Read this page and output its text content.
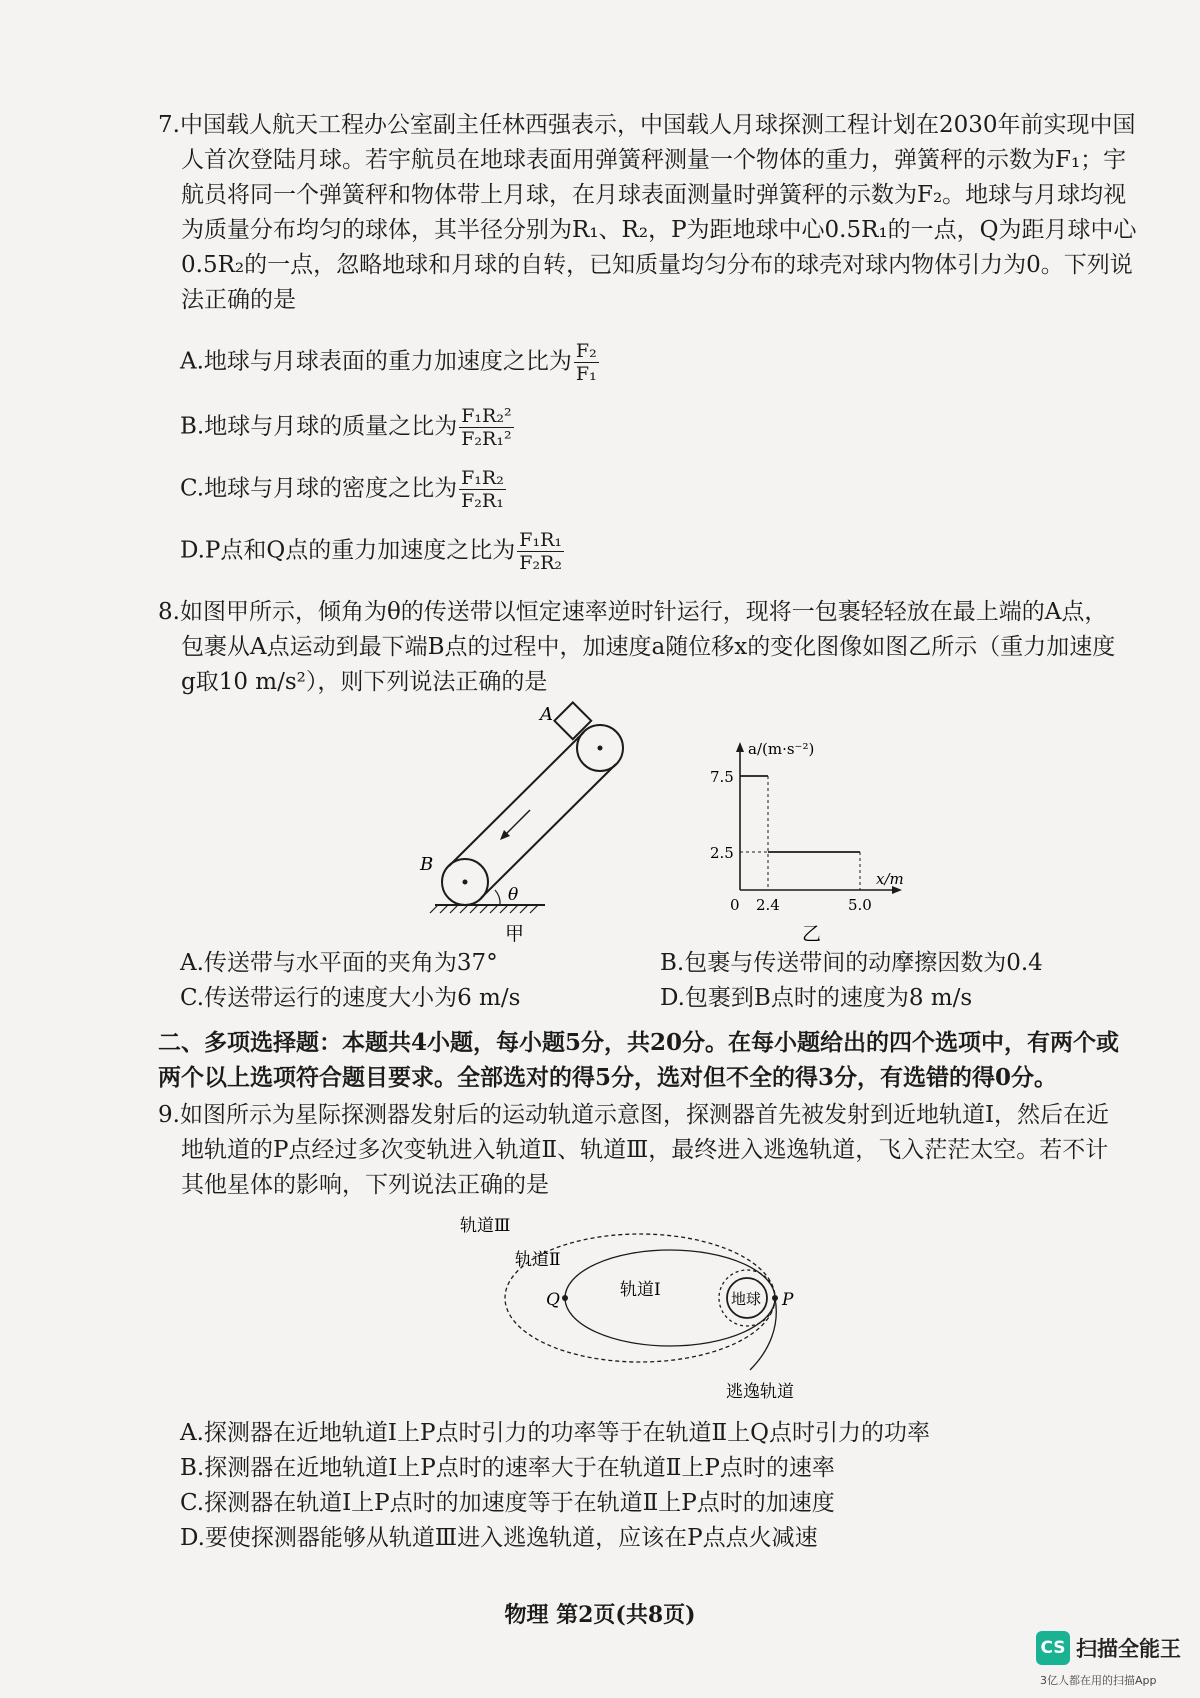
7.中国载人航天工程办公室副主任林西强表示，中国载人月球探测工程计划在2030年前实现中国
人首次登陆月球。若宇航员在地球表面用弹簧秤测量一个物体的重力，弹簧秤的示数为F₁；宇
航员将同一个弹簧秤和物体带上月球，在月球表面测量时弹簧秤的示数为F₂。地球与月球均视
为质量分布均匀的球体，其半径分别为R₁、R₂，P为距地球中心0.5R₁的一点，Q为距月球中心
0.5R₂的一点，忽略地球和月球的自转，已知质量均匀分布的球壳对球内物体引力为0。下列说
法正确的是
A.地球与月球表面的重力加速度之比为 $\frac{\text{F₂}}{\text{F₁}}$
B.地球与月球的质量之比为 $\frac{\text{F₁R₂²}}{\text{F₂R₁²}}$
C.地球与月球的密度之比为 $\frac{\text{F₁R₂}}{\text{F₂R₁}}$
D.P点和Q点的重力加速度之比为 $\frac{\text{F₁R₁}}{\text{F₂R₂}}$
8.如图甲所示，倾角为θ的传送带以恒定速率逆时针运行，现将一包裹轻轻放在最上端的A点，
包裹从A点运动到最下端B点的过程中，加速度a随位移x的变化图像如图乙所示（重力加速度
g取10 m/s²），则下列说法正确的是
A
B
θ
甲
a/(m·s⁻²)
x/m
7.5
2.5
0 2.4	5.0
乙
A.传送带与水平面的夹角为37°	B.包裹与传送带间的动摩擦因数为0.4
C.传送带运行的速度大小为6 m/s	D.包裹到B点时的速度为8 m/s
二、多项选择题：本题共4小题，每小题5分，共20分。在每小题给出的四个选项中，有两个或
两个以上选项符合题目要求。全部选对的得5分，选对但不全的得3分，有选错的得0分。
9.如图所示为星际探测器发射后的运动轨道示意图，探测器首先被发射到近地轨道Ⅰ，然后在近
地轨道的P点经过多次变轨进入轨道Ⅱ、轨道Ⅲ，最终进入逃逸轨道，飞入茫茫太空。若不计
其他星体的影响，下列说法正确的是
轨道Ⅲ
轨道Ⅱ
轨道Ⅰ	地球
Q	P
逃逸轨道
A.探测器在近地轨道Ⅰ上P点时引力的功率等于在轨道Ⅱ上Q点时引力的功率
B.探测器在近地轨道Ⅰ上P点时的速率大于在轨道Ⅱ上P点时的速率
C.探测器在轨道Ⅰ上P点时的加速度等于在轨道Ⅱ上P点时的加速度
D.要使探测器能够从轨道Ⅲ进入逃逸轨道，应该在P点点火减速
物理 第2页(共8页)
CS 扫描全能王
3亿人都在用的扫描App
